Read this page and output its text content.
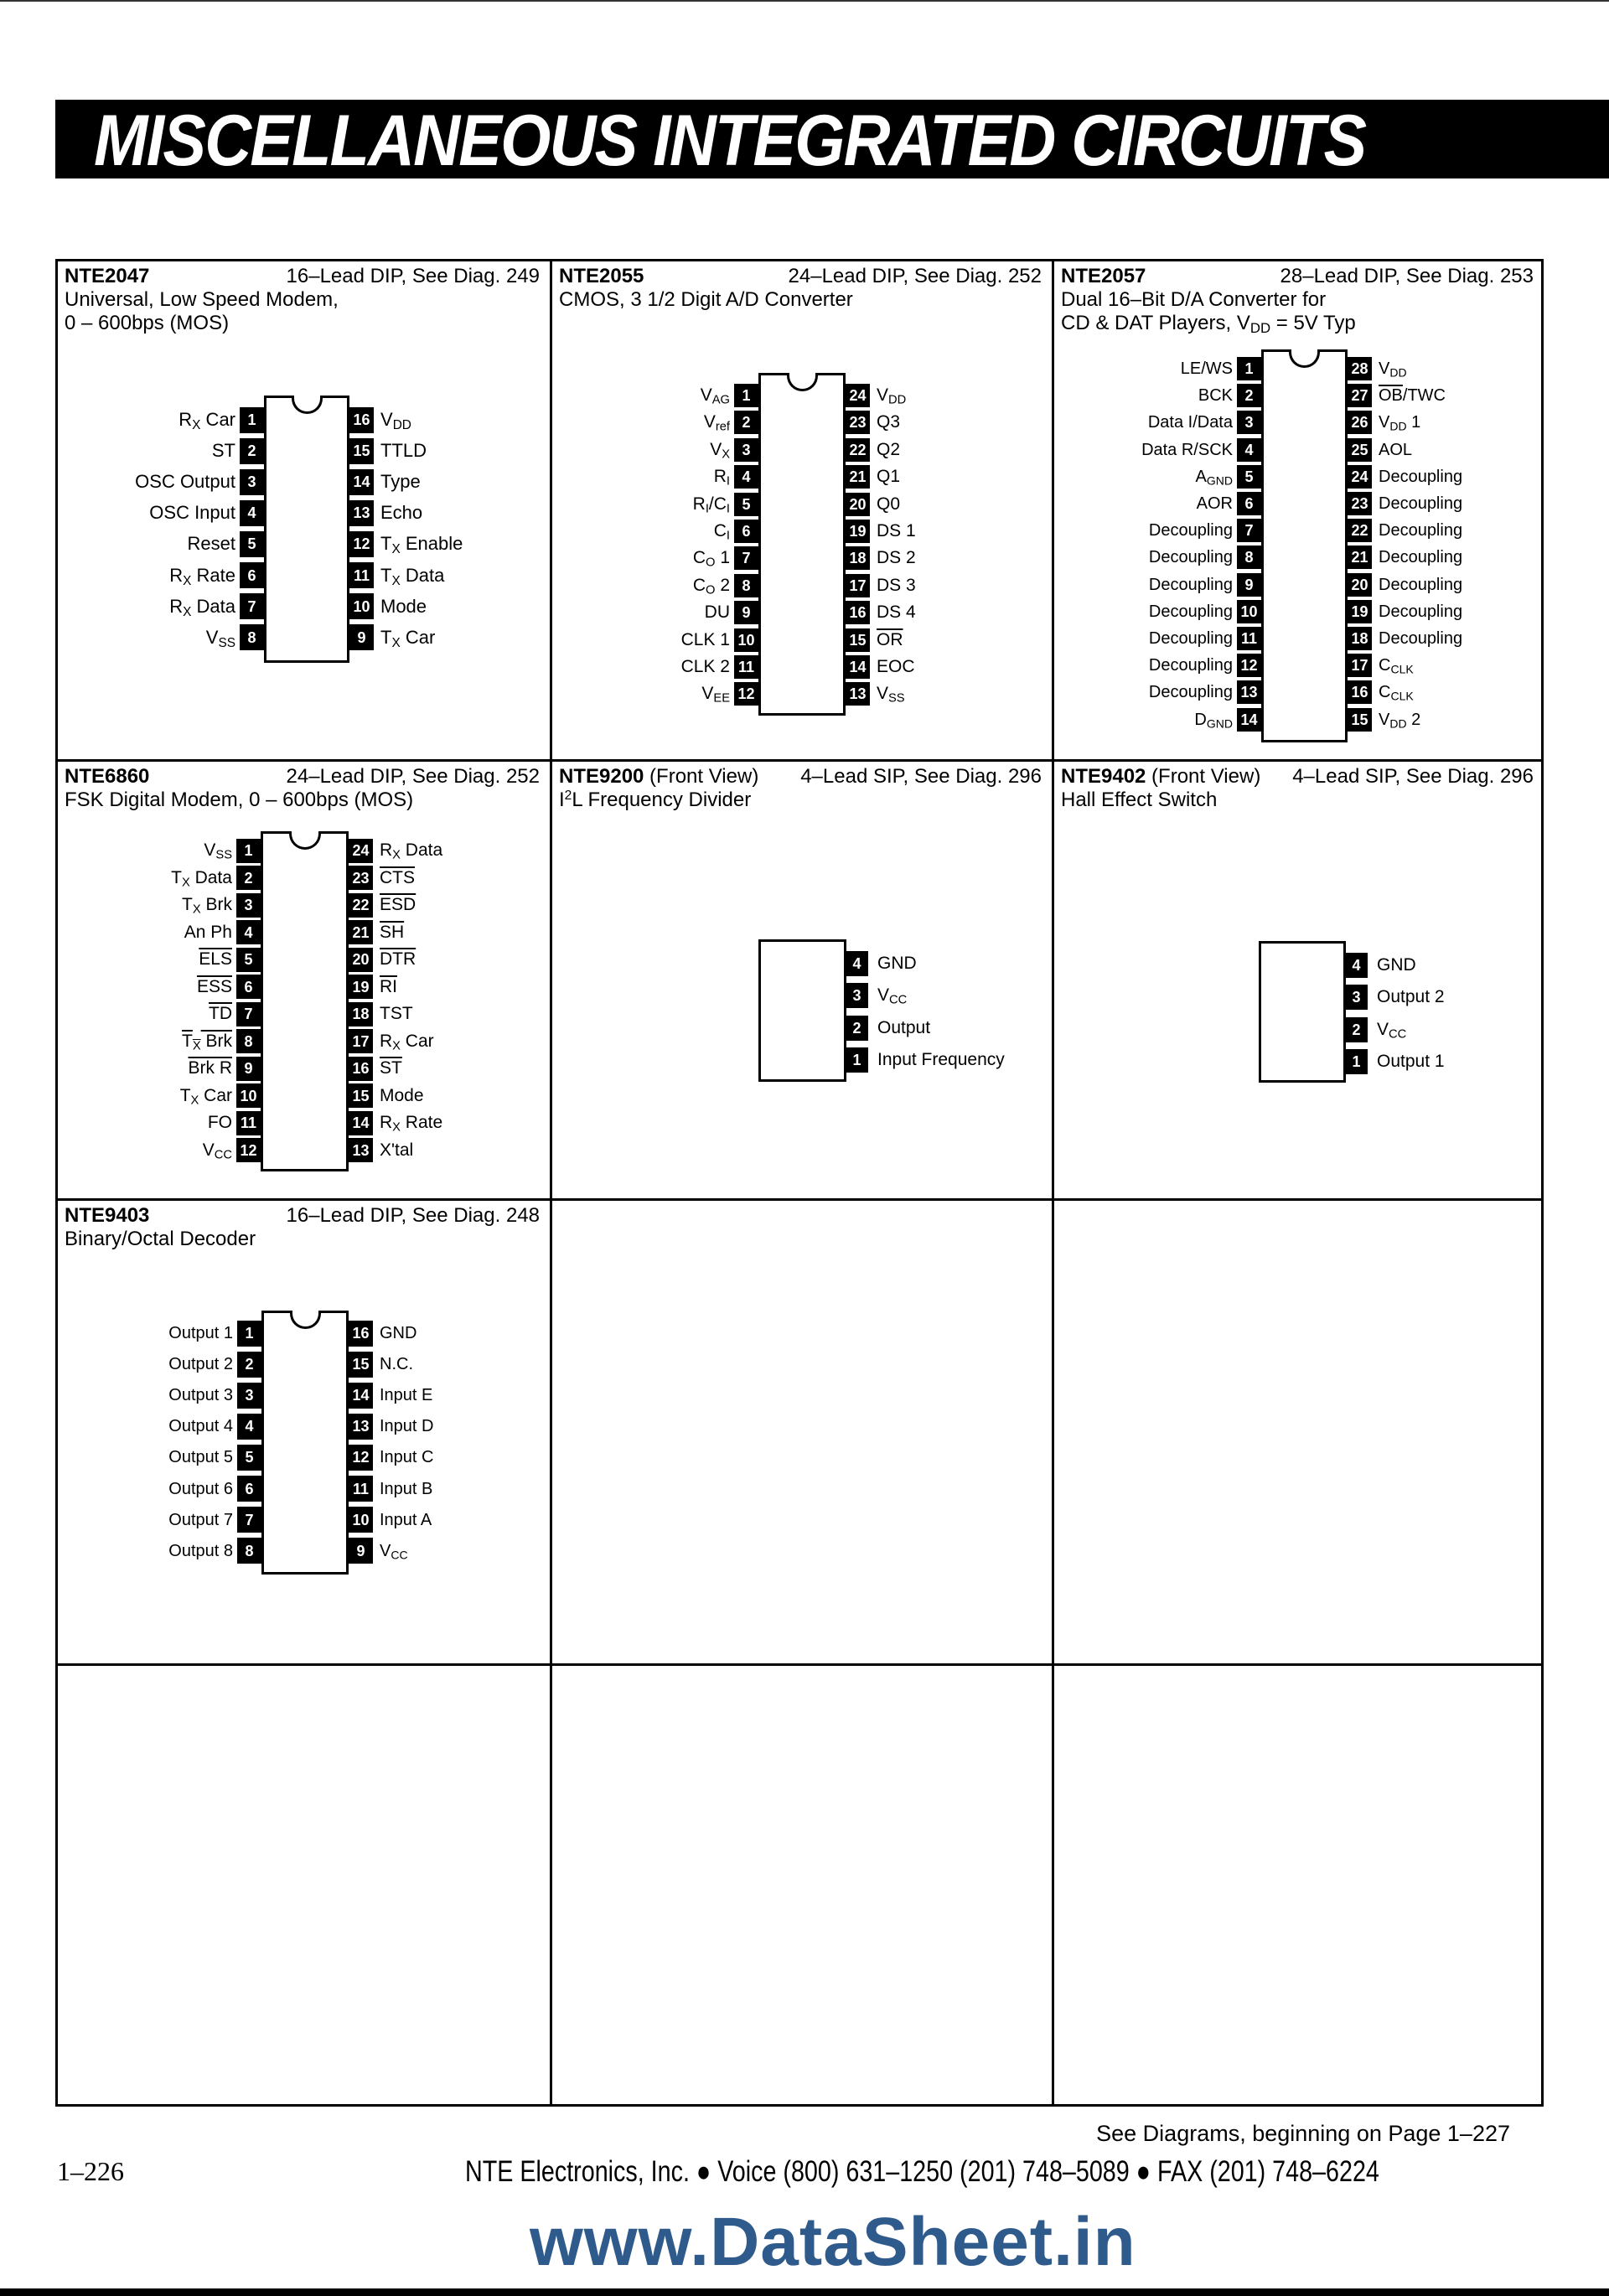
MISCELLANEOUS INTEGRATED CIRCUITS
NTE2047
Universal, Low Speed Modem,
0 – 600bps (MOS)
16–Lead DIP, See Diag. 249 NTE2055
CMOS, 3 1/2 Digit A/D Converter
24–Lead DIP, See Diag. 252 NTE2057
Dual 16–Bit D/A Converter for
CD & DAT Players, $V_{DD} = 5V$ Typ
28–Lead DIP, See Diag. 253
NTE6860
FSK Digital Modem, 0 – 600bps (MOS)
24–Lead DIP, See Diag. 252 NTE9200 (Front View)
$I^2L$ Frequency Divider
4–Lead SIP, See Diag. 296 NTE9402 (Front View)
Hall Effect Switch
4–Lead SIP, See Diag. 296
NTE9403
Binary/Octal Decoder
16–Lead DIP, See Diag. 248
1
$R_X$ Car
2
ST
3
OSC Output
4
OSC Input
5
Reset
6
$R_X$ Rate
7
$R_X$ Data
8
$V_{SS}$
16 $V_{DD}$
15 TTLD
14 Type
13 Echo
12 $T_X$ Enable
11 $T_X$ Data
10 Mode
9 $T_X$ Car
1
$V_{AG}$
2
$V_{ref}$
3
$V_X$
4
$R_I$
5
$R_I/C_I$
6
$C_I$
7
$C_O$ 1
8
$C_O$ 2
9
DU
10
CLK 1
11
CLK 2
12
$V_{EE}$
24 $V_{DD}$
23 Q3
22 Q2
21 Q1
20 Q0
19 DS 1
18 DS 2
17 DS 3
16 DS 4
15 $\overline{OR}$
14 EOC
13 $V_{SS}$
1
LE/WS
2
BCK
3
Data I/Data
4
Data R/SCK
5
$A_{GND}$
6
AOR
7
Decoupling
8
Decoupling
9
Decoupling
10
Decoupling
11
Decoupling
12
Decoupling
13
Decoupling
14
$D_{GND}$
28 $V_{DD}$
27 $\overline{OB}$/TWC
26 $V_{DD}$ 1
25 AOL
24 Decoupling
23 Decoupling
22 Decoupling
21 Decoupling
20 Decoupling
19 Decoupling
18 Decoupling
17 $C_{CLK}$
16 $C_{CLK}$
15 $V_{DD}$ 2
1
$V_{SS}$
2
$T_X$ Data
3
$T_X$ Brk
4
An Ph
5
$\overline{ELS}$
6
$\overline{ESS}$
7
$\overline{TD}$
8
$\overline{T}_{\overline{X}}$ Brk
9
Brk R
10
$T_X$ Car
11
FO
12
$V_{CC}$
24 $R_X$ Data
23 $\overline{CTS}$
22 $\overline{ESD}$
21 $\overline{SH}$
20 $\overline{DTR}$
19 $\overline{RI}$
18 TST
17 $R_X$ Car
16 $\overline{ST}$
15 Mode
14 $R_X$ Rate
13 X'tal
1
Output 1
2
Output 2
3
Output 3
4
Output 4
5
Output 5
6
Output 6
7
Output 7
8
Output 8
16 GND
15 N.C.
14 Input E
13 Input D
12 Input C
11 Input B
10 Input A
9 $V_{CC}$
4 GND
3 $V_{CC}$
2 Output
1 Input Frequency
4 GND
3 Output 2
2 $V_{CC}$
1 Output 1
See Diagrams, beginning on Page 1–227
1–226	NTE Electronics, Inc. ● Voice (800) 631–1250 (201) 748–5089 ● FAX (201) 748–6224
www.DataSheet.in
